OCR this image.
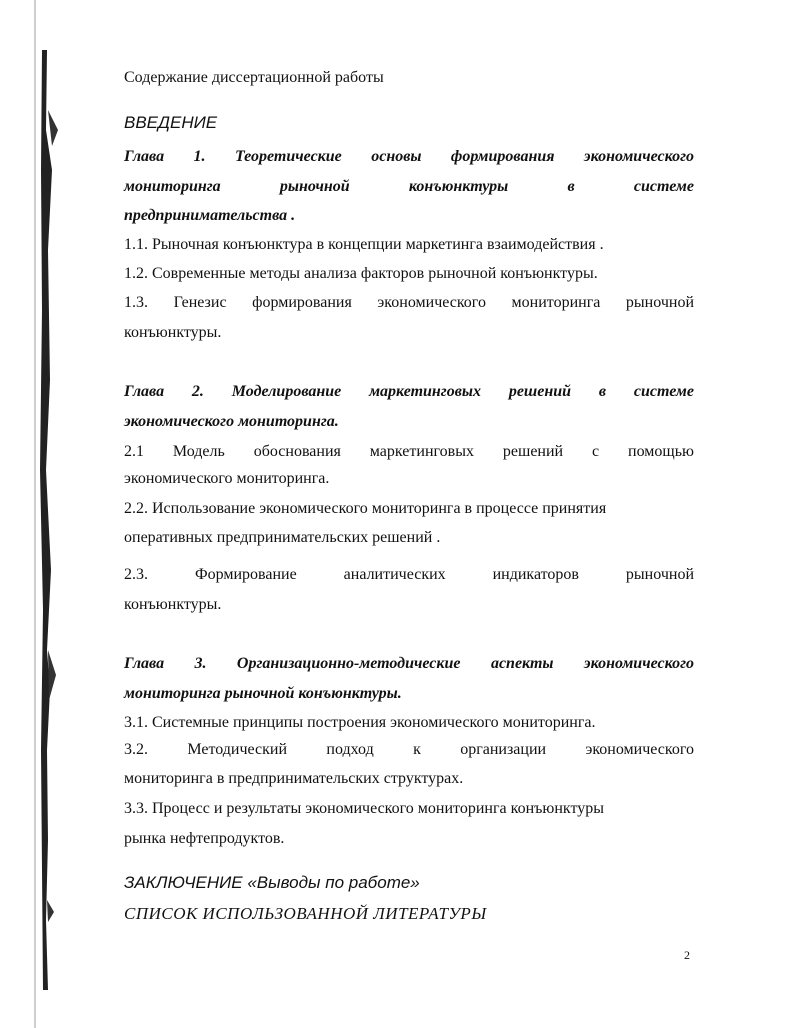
Содержание диссертационной работы
ВВЕДЕНИЕ
Глава 1. Теоретические основы формирования экономического
мониторинга рыночной конъюнктуры в системе
предпринимательства .
1.1. Рыночная конъюнктура в концепции маркетинга взаимодействия .
1.2. Современные методы анализа факторов рыночной конъюнктуры.
1.3. Генезис формирования экономического мониторинга рыночной
конъюнктуры.
Глава 2. Моделирование маркетинговых решений в системе
экономического мониторинга.
2.1 Модель обоснования маркетинговых решений с помощью
экономического мониторинга.
2.2. Использование экономического мониторинга в процессе принятия
оперативных предпринимательских решений .
2.3. Формирование аналитических индикаторов рыночной
конъюнктуры.
Глава 3. Организационно-методические аспекты экономического
мониторинга рыночной конъюнктуры.
3.1. Системные принципы построения экономического мониторинга.
3.2. Методический подход к организации экономического
мониторинга в предпринимательских структурах.
3.3. Процесс и результаты экономического мониторинга конъюнктуры
рынка нефтепродуктов.
ЗАКЛЮЧЕНИЕ «Выводы по работе»
СПИСОК ИСПОЛЬЗОВАННОЙ ЛИТЕРАТУРЫ
2
